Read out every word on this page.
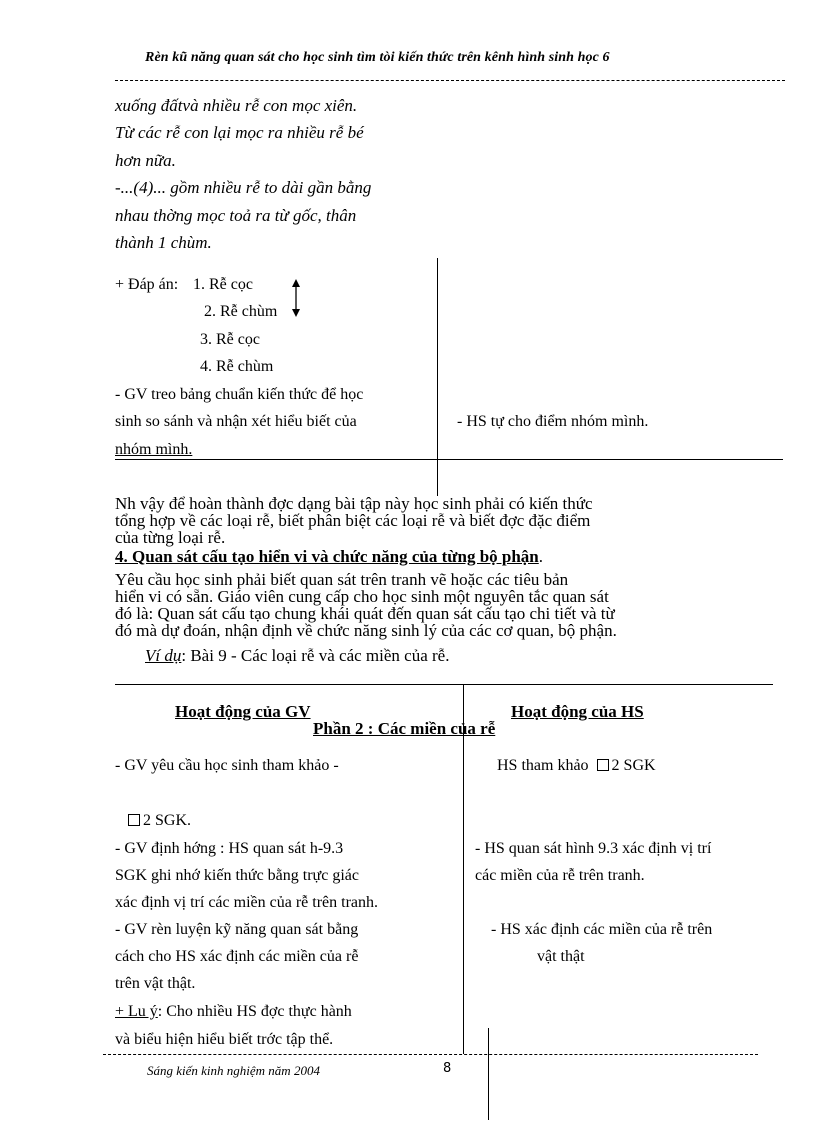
Rèn kũ năng quan sát cho học sinh tìm tòi kiến thức trên kênh hình sinh học 6
xuống đấtvà nhiều rễ con mọc xiên.
Từ các rễ con lại mọc ra nhiều rễ bé
hơn nữa.
-...(4)... gồm nhiều rễ to dài gần bằng
nhau thờng mọc toả ra từ gốc, thân
thành 1 chùm.
+ Đáp án: 1. Rễ cọc
2. Rễ chùm
3. Rễ cọc
4. Rễ chùm
- GV treo bảng chuẩn kiến thức để học
sinh so sánh và nhận xét hiểu biết của
nhóm mình.
- HS tự cho điểm nhóm mình.
Nh vậy để hoàn thành đợc dạng bài tập này học sinh phải có kiến thức
tổng hợp về các loại rễ, biết phân biệt các loại rễ và biết đợc đặc điểm
của từng loại rễ.
4. Quan sát cấu tạo hiển vi và chức năng của từng bộ phận.
Yêu cầu học sinh phải biết quan sát trên tranh vẽ hoặc các tiêu bản
hiển vi có sẵn. Giáo viên cung cấp cho học sinh một nguyên tắc quan sát
đó là: Quan sát cấu tạo chung khái quát đến quan sát cấu tạo chi tiết và từ
đó mà dự đoán, nhận định về chức năng sinh lý của các cơ quan, bộ phận.
Ví dụ: Bài 9 - Các loại rễ và các miền của rễ.
Hoạt động của GV	Hoạt động của HS
Phần 2 : Các miền của rễ
- GV yêu cầu học sinh tham khảo -
2 SGK.
- GV định hớng : HS quan sát h-9.3
SGK ghi nhớ kiến thức bằng trực giác
xác định vị trí các miền của rễ trên tranh.
- GV rèn luyện kỹ năng quan sát bằng
cách cho HS xác định các miền của rễ
trên vật thật.
+ Lu ý: Cho nhiều HS đợc thực hành
và biểu hiện hiểu biết trớc tập thể.
HS tham khảo 2 SGK
- HS quan sát hình 9.3 xác định vị trí
các miền của rễ trên tranh.
- HS xác định các miền của rễ trên
vật thật
Sáng kiến kinh nghiệm năm 2004	8
